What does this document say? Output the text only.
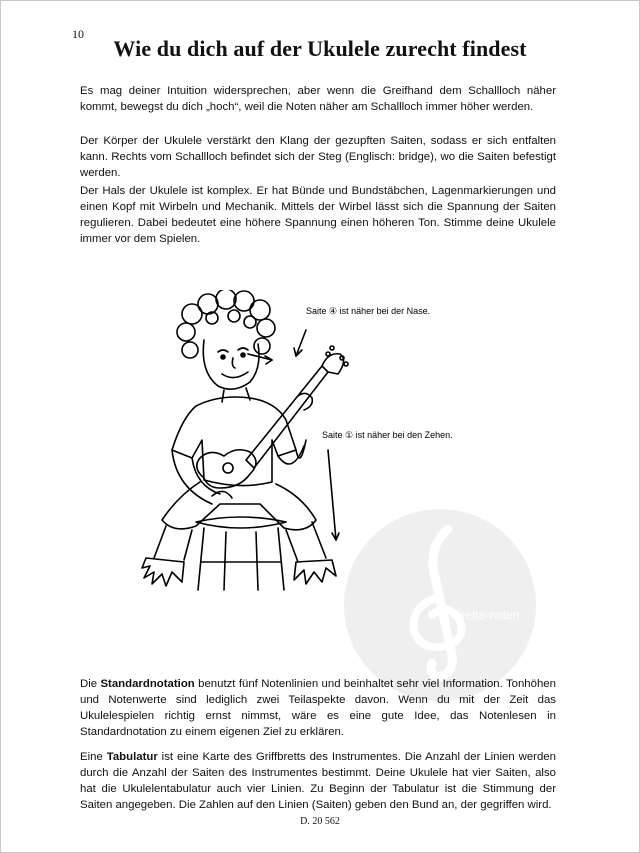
10
Wie du dich auf der Ukulele zurecht findest

Es mag deiner Intuition widersprechen, aber wenn die Greifhand dem Schallloch näher kommt, bewegst du dich „hoch“, weil die Noten näher am Schallloch immer höher werden.

Der Körper der Ukulele verstärkt den Klang der gezupften Saiten, sodass er sich entfalten kann. Rechts vom Schallloch befindet sich der Steg (Englisch: bridge), wo die Saiten befestigt werden.

Der Hals der Ukulele ist komplex. Er hat Bünde und Bundstäbchen, Lagenmarkierungen und einen Kopf mit Wirbeln und Mechanik. Mittels der Wirbel lässt sich die Spannung der Saiten regulieren. Dabei bedeutet eine höhere Spannung einen höheren Ton. Stimme deine Ukulele immer vor dem Spielen.

Saite ④ ist näher bei der Nase.
Saite ① ist näher bei den Zehen.
stretta-noten

Die Standardnotation benutzt fünf Notenlinien und beinhaltet sehr viel Information. Tonhöhen und Notenwerte sind lediglich zwei Teilaspekte davon. Wenn du mit der Zeit das Ukulelespielen richtig ernst nimmst, wäre es eine gute Idee, das Notenlesen in Standardnotation zu einem eigenen Ziel zu erklären.

Eine Tabulatur ist eine Karte des Griffbretts des Instrumentes. Die Anzahl der Linien werden durch die Anzahl der Saiten des Instrumentes bestimmt. Deine Ukulele hat vier Saiten, also hat die Ukulelentabulatur auch vier Linien. Zu Beginn der Tabulatur ist die Stimmung der Saiten angegeben. Die Zahlen auf den Linien (Saiten) geben den Bund an, der gegriffen wird.

D. 20 562
